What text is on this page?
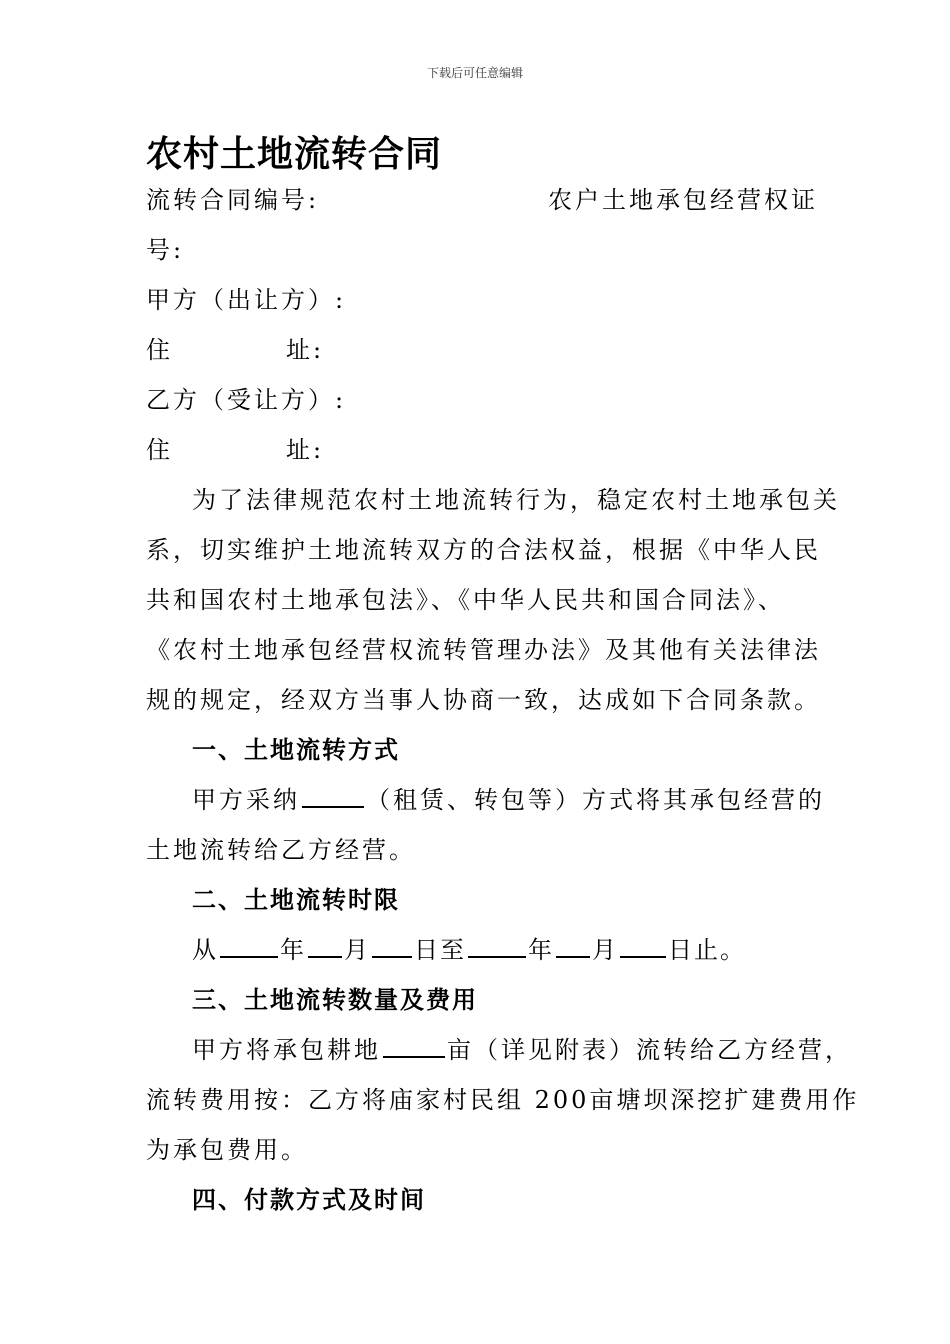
下载后可任意编辑
农村土地流转合同
流转合同编号:	农户土地承包经营权证
号:
甲方（出让方）:
住	址:
乙方（受让方）:
住	址:
为了法律规范农村土地流转行为，稳定农村土地承包关
系，切实维护土地流转双方的合法权益，根据《中华人民
共和国农村土地承包法》、《中华人民共和国合同法》、
《农村土地承包经营权流转管理办法》及其他有关法律法
规的规定，经双方当事人协商一致，达成如下合同条款。
一、土地流转方式
甲方采纳	（租赁、转包等）方式将其承包经营的
土地流转给乙方经营。
二、土地流转时限
从	年 月 日至	年 月 日止。
三、土地流转数量及费用
甲方将承包耕地	亩（详见附表）流转给乙方经营，
流转费用按：乙方将庙家村民组 200亩塘坝深挖扩建费用作
为承包费用。
四、付款方式及时间
